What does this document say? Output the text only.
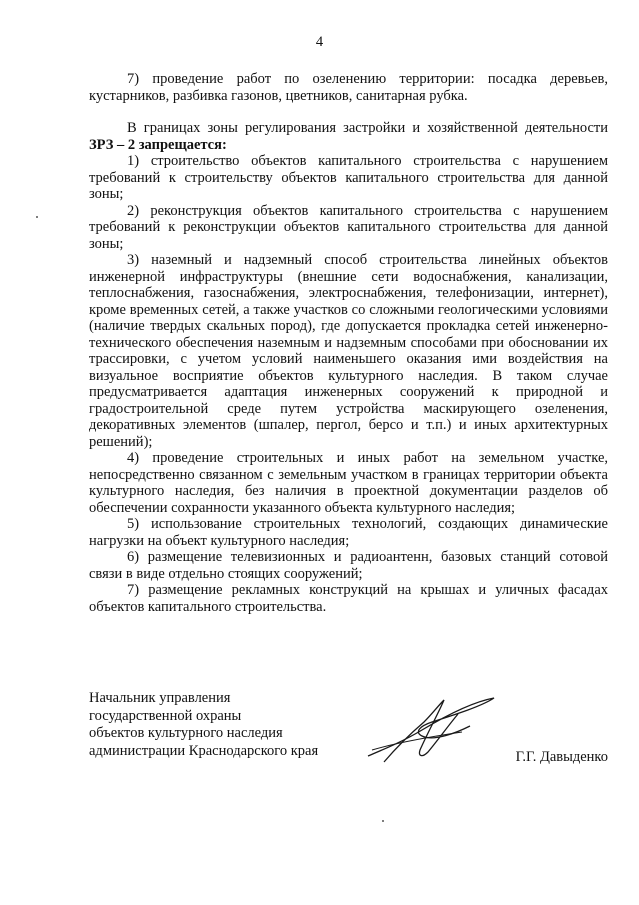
4

7) проведение работ по озеленению территории: посадка деревьев, кустарников, разбивка газонов, цветников, санитарная рубка.

В границах зоны регулирования застройки и хозяйственной деятельности ЗРЗ – 2 запрещается:

1) строительство объектов капитального строительства с нарушением требований к строительству объектов капитального строительства для данной зоны;

2) реконструкция объектов капитального строительства с нарушением требований к реконструкции объектов капитального строительства для данной зоны;

3) наземный и надземный способ строительства линейных объектов инженерной инфраструктуры (внешние сети водоснабжения, канализации, теплоснабжения, газоснабжения, электроснабжения, телефонизации, интернет), кроме временных сетей, а также участков со сложными геологическими условиями (наличие твердых скальных пород), где допускается прокладка сетей инженерно-технического обеспечения наземным и надземным способами при обосновании их трассировки, с учетом условий наименьшего оказания ими воздействия на визуальное восприятие объектов культурного наследия. В таком случае предусматривается адаптация инженерных сооружений к природной и градостроительной среде путем устройства маскирующего озеленения, декоративных элементов (шпалер, пергол, берсо и т.п.) и иных архитектурных решений);

4) проведение строительных и иных работ на земельном участке, непосредственно связанном с земельным участком в границах территории объекта культурного наследия, без наличия в проектной документации разделов об обеспечении сохранности указанного объекта культурного наследия;

5) использование строительных технологий, создающих динамические нагрузки на объект культурного наследия;

6) размещение телевизионных и радиоантенн, базовых станций сотовой связи в виде отдельно стоящих сооружений;

7) размещение рекламных конструкций на крышах и уличных фасадах объектов капитального строительства.

Начальник управления
государственной охраны
объектов культурного наследия
администрации Краснодарского края	Г.Г. Давыденко
